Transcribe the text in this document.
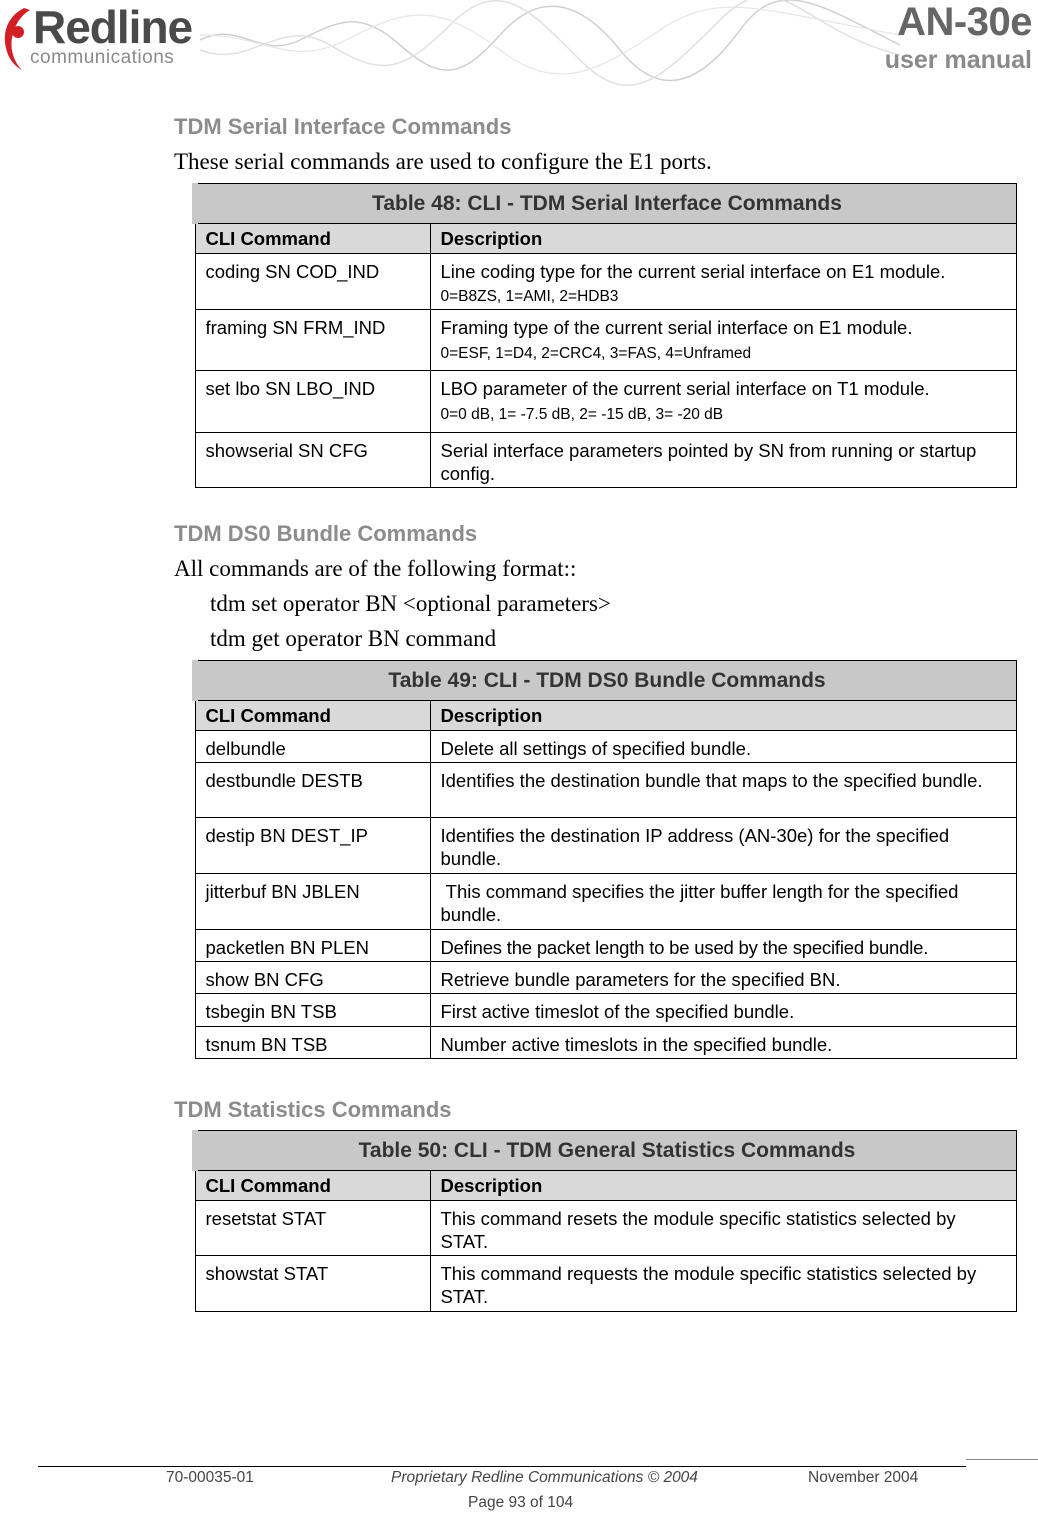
Redline
communications
AN-30e
user manual
TDM Serial Interface Commands
These serial commands are used to configure the E1 ports.
Table 48: CLI - TDM Serial Interface Commands	
CLI Command	Description
coding SN COD_IND	Line coding type for the current serial interface on E1 module. 0=B8ZS, 1=AMI, 2=HDB3
framing SN FRM_IND	Framing type of the current serial interface on E1 module.
0=ESF, 1=D4, 2=CRC4, 3=FAS, 4=Unframed
set lbo SN LBO_IND	LBO parameter of the current serial interface on T1 module.
0=0 dB, 1= -7.5 dB, 2= -15 dB, 3= -20 dB
showserial SN CFG	Serial interface parameters pointed by SN from running or startup config.
TDM DS0 Bundle Commands
All commands are of the following format::
tdm set operator BN <optional parameters>
tdm get operator BN command
Table 49: CLI - TDM DS0 Bundle Commands	
CLI Command	Description
delbundle	Delete all settings of specified bundle.
destbundle DESTB	Identifies the destination bundle that maps to the specified bundle.
destip BN DEST_IP	Identifies the destination IP address (AN-30e) for the specified bundle.
jitterbuf BN JBLEN	This command specifies the jitter buffer length for the specified bundle.
packetlen BN PLEN	Defines the packet length to be used by the specified bundle.
show BN CFG	Retrieve bundle parameters for the specified BN.
tsbegin BN TSB	First active timeslot of the specified bundle.
tsnum BN TSB	Number active timeslots in the specified bundle.
TDM Statistics Commands
Table 50: CLI - TDM General Statistics Commands	
CLI Command	Description
resetstat STAT	This command resets the module specific statistics selected by STAT.
showstat STAT	This command requests the module specific statistics selected by STAT.
70-00035-01	Proprietary Redline Communications © 2004	November 2004
Page 93 of 104
